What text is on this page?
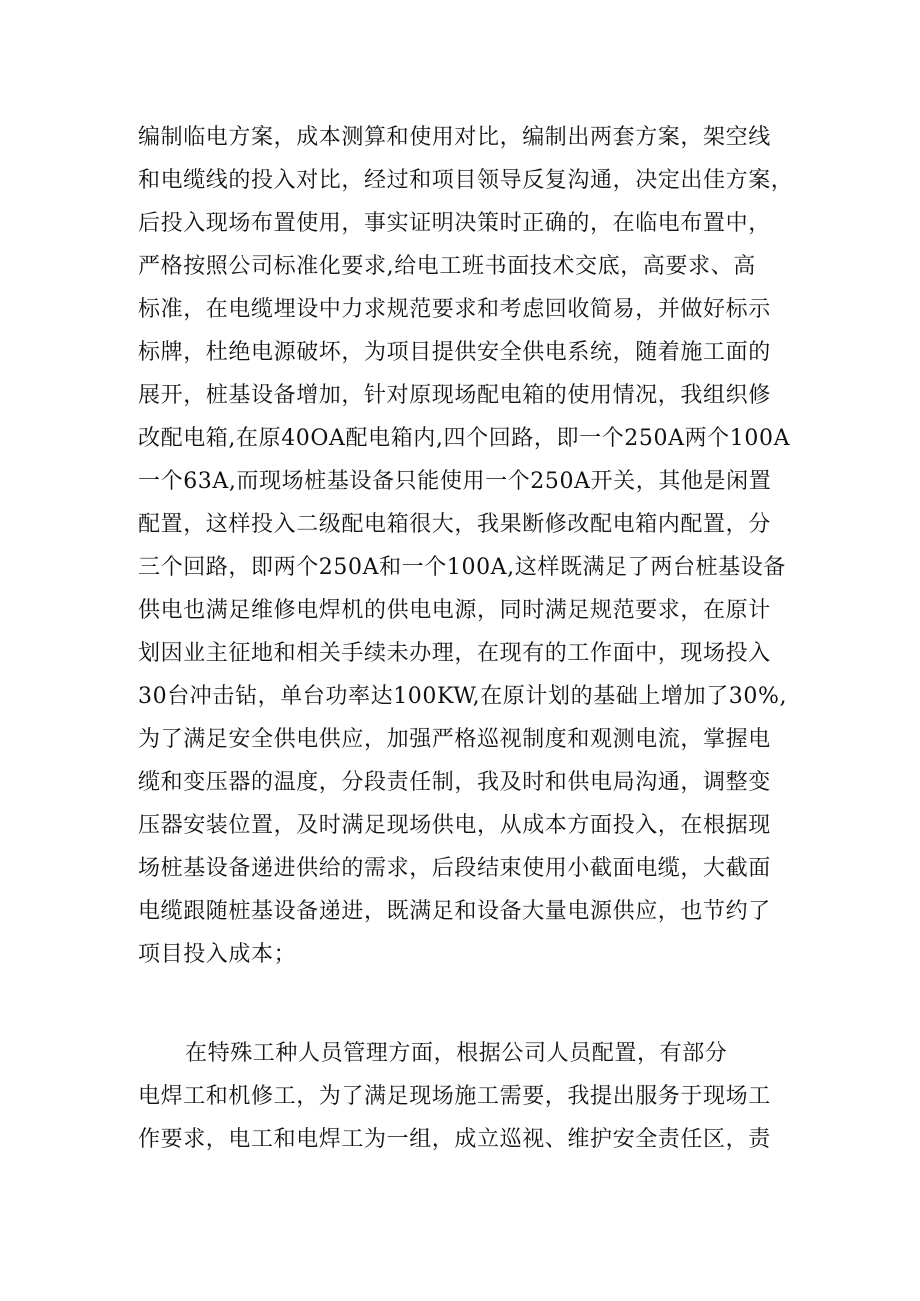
编制临电方案，成本测算和使用对比，编制出两套方案，架空线
和电缆线的投入对比，经过和项目领导反复沟通，决定出佳方案，
后投入现场布置使用，事实证明决策时正确的，在临电布置中，
严格按照公司标准化要求,给电工班书面技术交底，高要求、高
标准，在电缆埋设中力求规范要求和考虑回收简易，并做好标示
标牌，杜绝电源破坏，为项目提供安全供电系统，随着施工面的
展开，桩基设备增加，针对原现场配电箱的使用情况，我组织修
改配电箱,在原40OA配电箱内,四个回路，即一个250A两个100A
一个63A,而现场桩基设备只能使用一个250A开关，其他是闲置
配置，这样投入二级配电箱很大，我果断修改配电箱内配置，分
三个回路，即两个250A和一个100A,这样既满足了两台桩基设备
供电也满足维修电焊机的供电电源，同时满足规范要求，在原计
划因业主征地和相关手续未办理，在现有的工作面中，现场投入
30台冲击钻，单台功率达100KW,在原计划的基础上增加了30%,
为了满足安全供电供应，加强严格巡视制度和观测电流，掌握电
缆和变压器的温度，分段责任制，我及时和供电局沟通，调整变
压器安装位置，及时满足现场供电，从成本方面投入，在根据现
场桩基设备递进供给的需求，后段结束使用小截面电缆，大截面
电缆跟随桩基设备递进，既满足和设备大量电源供应，也节约了
项目投入成本；
在特殊工种人员管理方面，根据公司人员配置，有部分
电焊工和机修工，为了满足现场施工需要，我提出服务于现场工
作要求，电工和电焊工为一组，成立巡视、维护安全责任区，责
